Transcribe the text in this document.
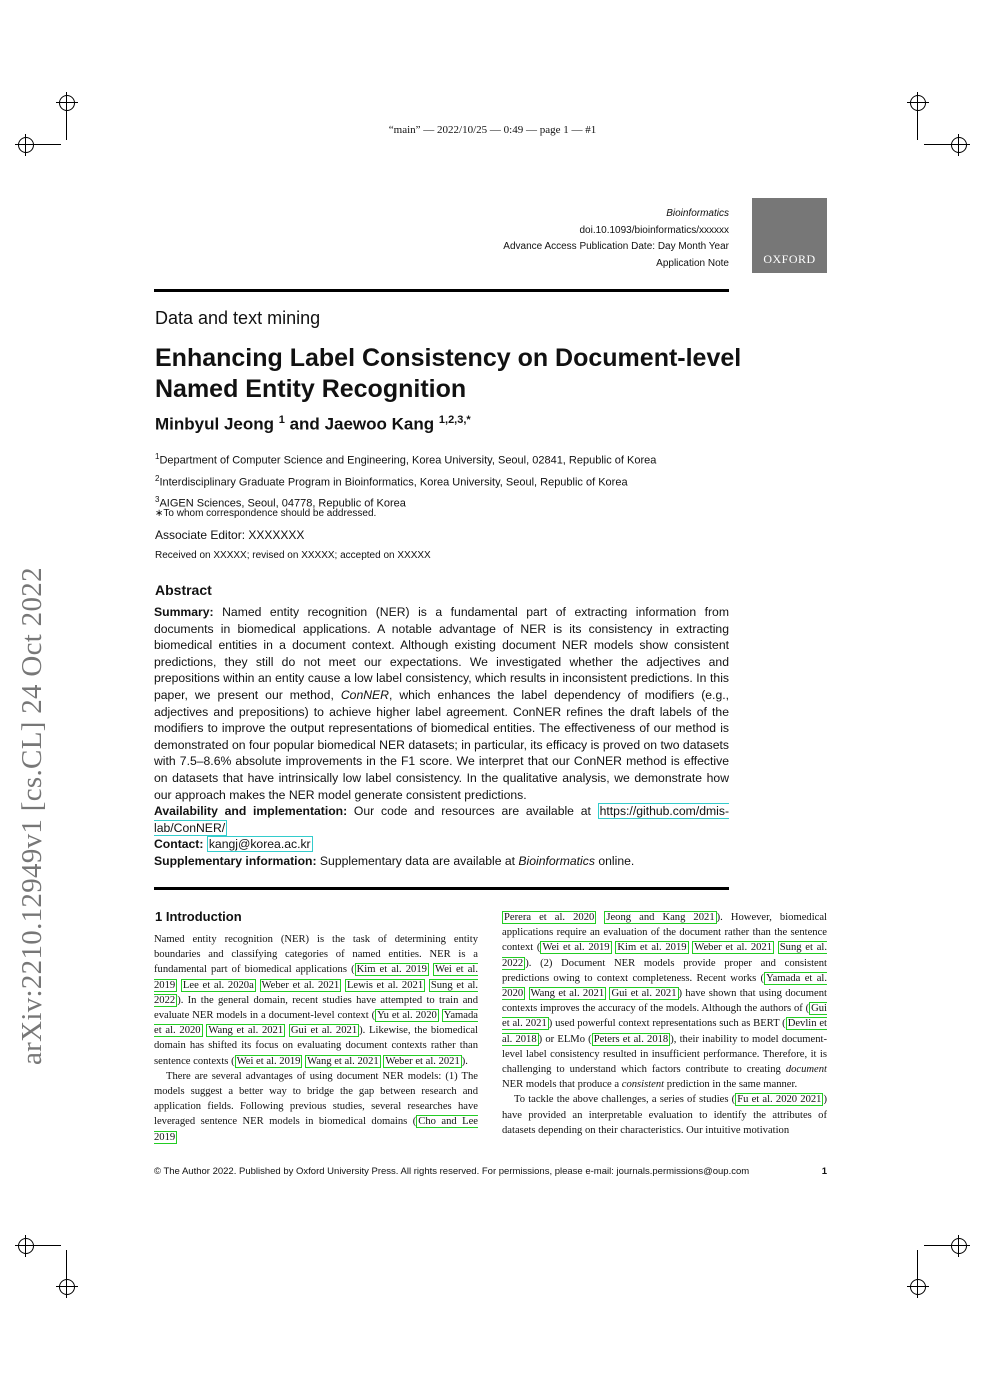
“main” — 2022/10/25 — 0:49 — page 1 — #1
Bioinformatics
doi.10.1093/bioinformatics/xxxxxx
Advance Access Publication Date: Day Month Year
Application Note	OXFORD
Data and text mining
Enhancing Label Consistency on Document-level Named Entity Recognition
Minbyul Jeong $^1$ and Jaewoo Kang $^{1,2,3,*}$
$^1$Department of Computer Science and Engineering, Korea University, Seoul, 02841, Republic of Korea
$^2$Interdisciplinary Graduate Program in Bioinformatics, Korea University, Seoul, Republic of Korea
$^3$AIGEN Sciences, Seoul, 04778, Republic of Korea
∗To whom correspondence should be addressed.
Associate Editor: XXXXXXX
Received on XXXXX; revised on XXXXX; accepted on XXXXX
Abstract

Summary: Named entity recognition (NER) is a fundamental part of extracting information from documents in biomedical applications. A notable advantage of NER is its consistency in extracting biomedical entities in a document context. Although existing document NER models show consistent predictions, they still do not meet our expectations. We investigated whether the adjectives and prepositions within an entity cause a low label consistency, which results in inconsistent predictions. In this paper, we present our method, ConNER, which enhances the label dependency of modifiers (e.g., adjectives and prepositions) to achieve higher label agreement. ConNER refines the draft labels of the modifiers to improve the output representations of biomedical entities. The effectiveness of our method is demonstrated on four popular biomedical NER datasets; in particular, its efficacy is proved on two datasets with 7.5–8.6% absolute improvements in the F1 score. We interpret that our ConNER method is effective on datasets that have intrinsically low label consistency. In the qualitative analysis, we demonstrate how our approach makes the NER model generate consistent predictions.

Availability and implementation: Our code and resources are available at https://github.com/dmis-lab/ConNER/

Contact: kangj@korea.ac.kr

Supplementary information: Supplementary data are available at Bioinformatics online.

arXiv:2210.12949v1 [cs.CL] 24 Oct 2022	1 Introduction

Named entity recognition (NER) is the task of determining entity boundaries and classifying categories of named entities. NER is a fundamental part of biomedical applications ( Kim et al. 2019 Wei et al. 2019 Lee et al. 2020a Weber et al. 2021 Lewis et al. 2021 Sung et al. 2022 ). In the general domain, recent studies have attempted to train and evaluate NER models in a document-level context ( Yu et al. 2020 Yamada et al. 2020 Wang et al. 2021 Gui et al. 2021 ). Likewise, the biomedical domain has shifted its focus on evaluating document contexts rather than sentence contexts ( Wei et al. 2019 Wang et al. 2021 Weber et al. 2021 ).

There are several advantages of using document NER models: (1) The models suggest a better way to bridge the gap between research and application fields. Following previous studies, several researches have leveraged sentence NER models in biomedical domains ( Cho and Lee 2019

Perera et al. 2020 Jeong and Kang 2021 ). However, biomedical applications require an evaluation of the document rather than the sentence context ( Wei et al. 2019 Kim et al. 2019 Weber et al. 2021 Sung et al. 2022 ). (2) Document NER models provide proper and consistent predictions owing to context completeness. Recent works ( Yamada et al. 2020 Wang et al. 2021 Gui et al. 2021 ) have shown that using document contexts improves the accuracy of the models. Although the authors of ( Gui et al. 2021 ) used powerful context representations such as BERT ( Devlin et al. 2018 ) or ELMo ( Peters et al. 2018 ), their inability to model document-level label consistency resulted in insufficient performance. Therefore, it is challenging to understand which factors contribute to creating document NER models that produce a consistent prediction in the same manner.

To tackle the above challenges, a series of studies ( Fu et al. 2020 2021 ) have provided an interpretable evaluation to identify the attributes of datasets depending on their characteristics. Our intuitive motivation

© The Author 2022. Published by Oxford University Press. All rights reserved. For permissions, please e-mail: journals.permissions@oup.com	1
